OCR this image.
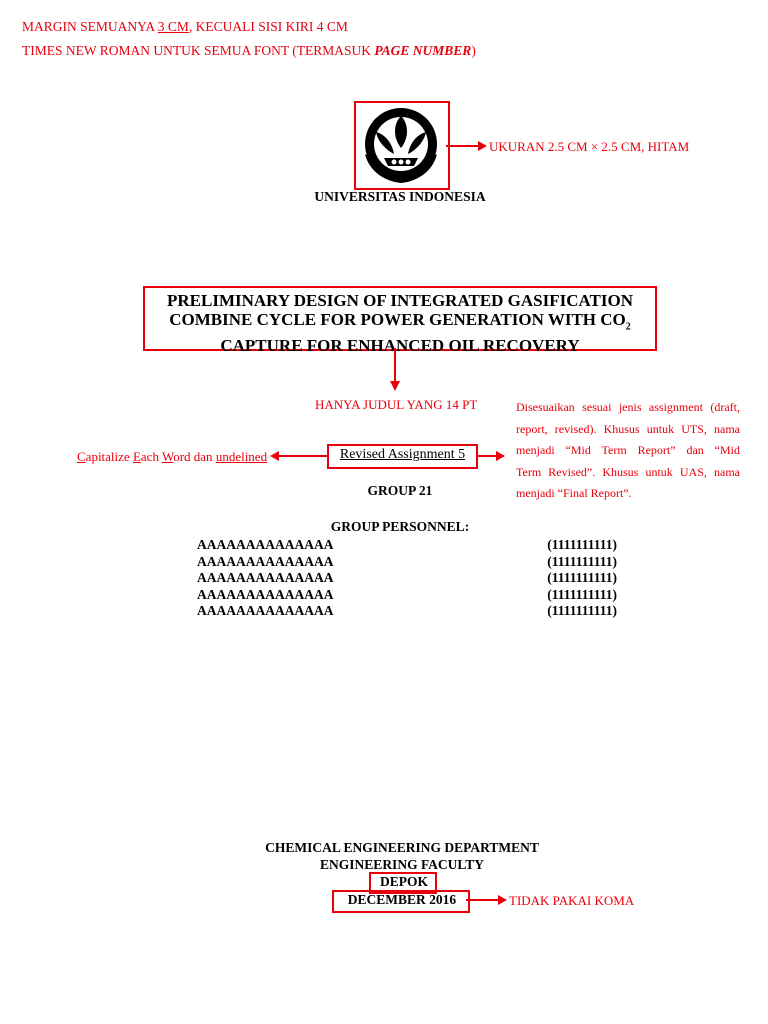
MARGIN SEMUANYA 3 CM, KECUALI SISI KIRI 4 CM
TIMES NEW ROMAN UNTUK SEMUA FONT (TERMASUK PAGE NUMBER)
UKURAN 2.5 CM × 2.5 CM, HITAM
UNIVERSITAS INDONESIA
PRELIMINARY DESIGN OF INTEGRATED GASIFICATION
COMBINE CYCLE FOR POWER GENERATION WITH $CO_2$
CAPTURE FOR ENHANCED OIL RECOVERY
HANYA JUDUL YANG 14 PT	Disesuaikan sesuai jenis assignment (draft,
report, revised). Khusus untuk UTS, nama
menjadi “Mid Term Report” dan “Mid
Term Revised”. Khusus untuk UAS, nama
menjadi “Final Report”.
Revised Assignment 5
Capitalize Each Word dan undelined
GROUP 21
GROUP PERSONNEL:
AAAAAAAAAAAAAA	(1111111111)
AAAAAAAAAAAAAA	(1111111111)
AAAAAAAAAAAAAA	(1111111111)
AAAAAAAAAAAAAA	(1111111111)
AAAAAAAAAAAAAA	(1111111111)
CHEMICAL ENGINEERING DEPARTMENT
ENGINEERING FACULTY
DEPOK
DECEMBER 2016	TIDAK PAKAI KOMA
